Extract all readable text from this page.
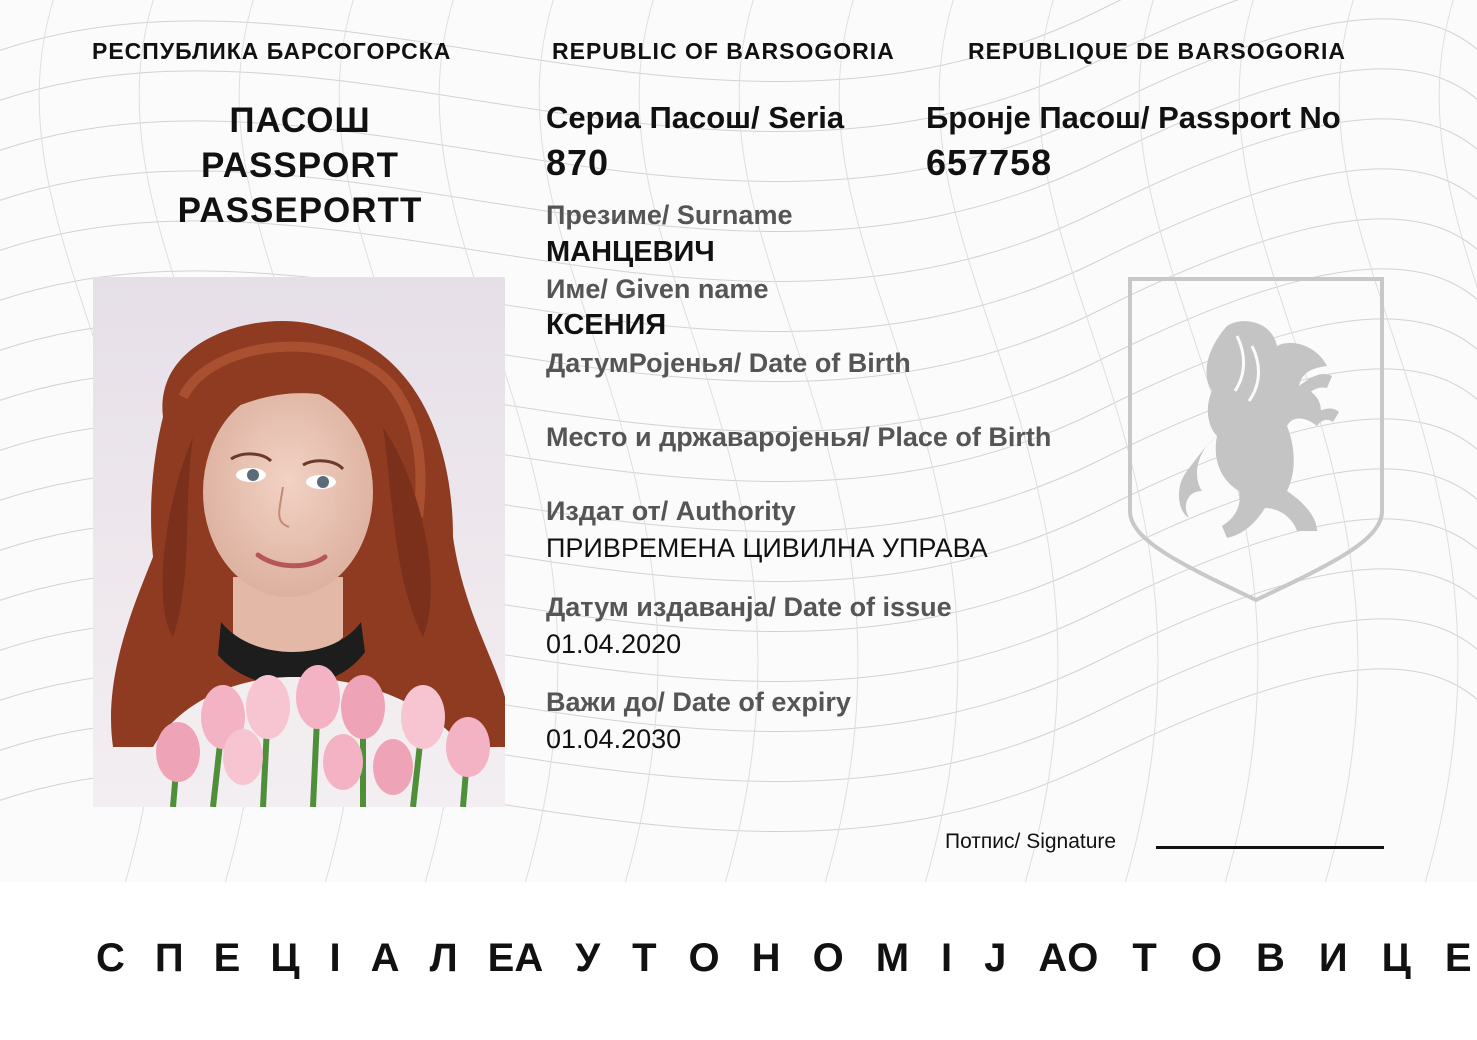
РЕСПУБЛИКА БАРСОГОРСКА	REPUBLIC OF BARSOGORIA	REPUBLIQUE DE BARSOGORIA
ПАСОШ
PASSPORT
PASSEPORTT
Сериа Пасош/ Seria
870
Бронје Пасош/ Passport No
657758
Презиме/ Surname
МАНЦЕВИЧ
Име/ Given name
КСЕНИЯ
ДатумРојенья/ Date of Birth
Место и државаројенья/ Place of Birth
Издат от/ Authority
ПРИВРЕМЕНА ЦИВИЛНА УПРАВА
Датум издаванја/ Date of issue
01.04.2020
Важи до/ Date of expiry
01.04.2030
Потпис/ Signature
С П Е Ц І А Л Е А У Т О Н О М І Ј А О Т О В И Ц Е
